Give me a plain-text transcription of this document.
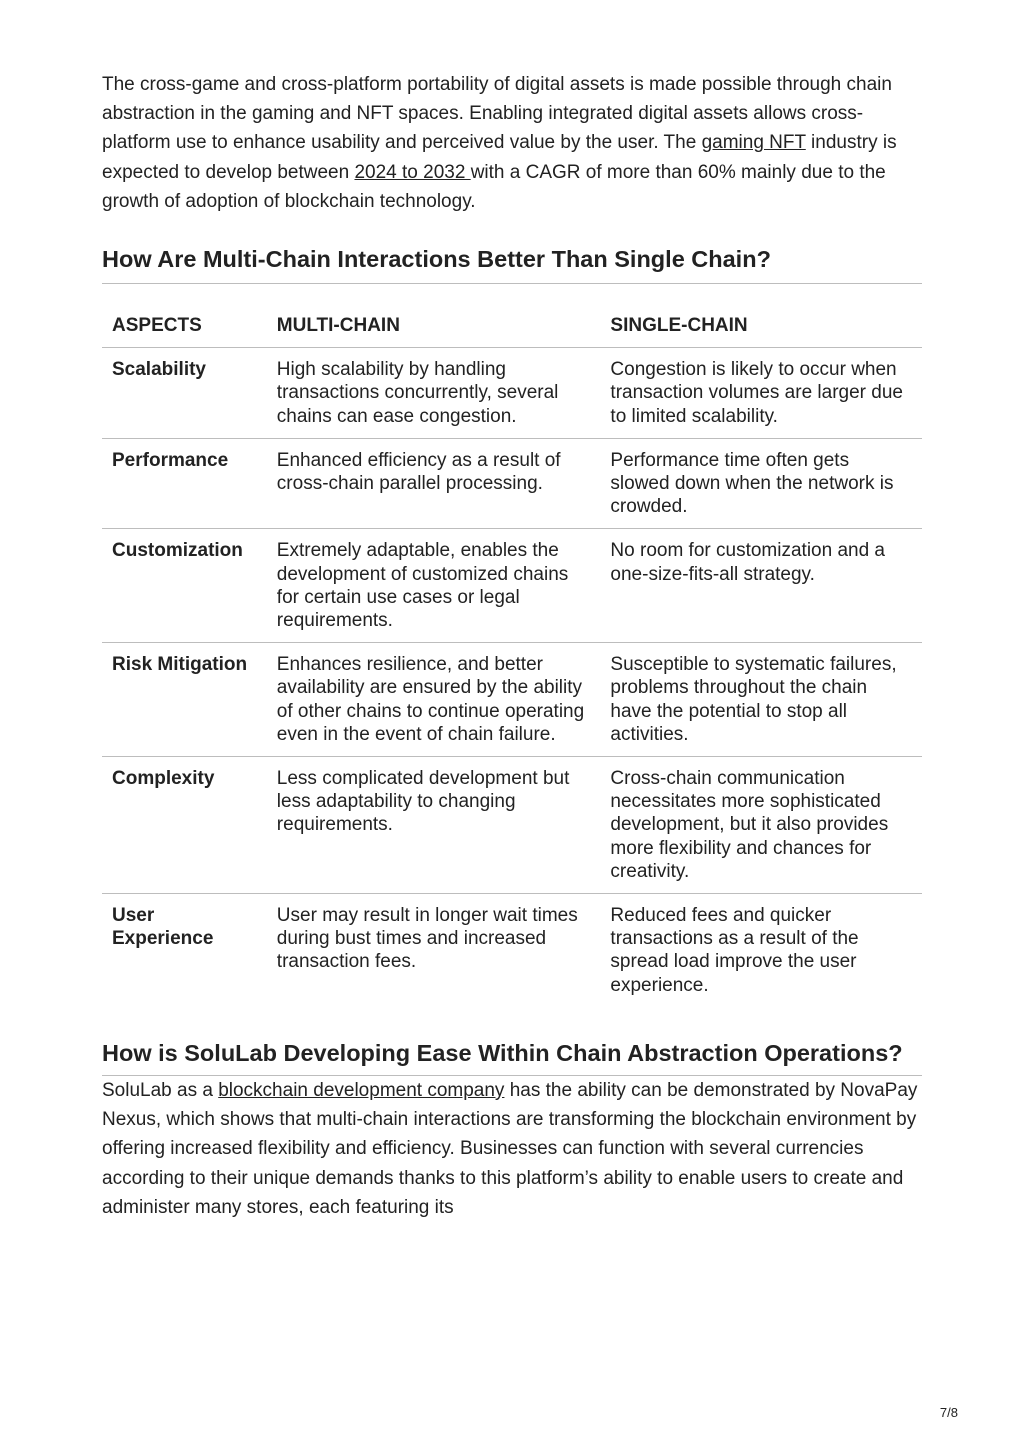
The cross-game and cross-platform portability of digital assets is made possible through chain abstraction in the gaming and NFT spaces. Enabling integrated digital assets allows cross-platform use to enhance usability and perceived value by the user. The gaming NFT industry is expected to develop between 2024 to 2032 with a CAGR of more than 60% mainly due to the growth of adoption of blockchain technology.

How Are Multi-Chain Interactions Better Than Single Chain?
ASPECTS	MULTI-CHAIN	SINGLE-CHAIN
Scalability	High scalability by handling transactions concurrently, several chains can ease congestion.	Congestion is likely to occur when transaction volumes are larger due to limited scalability.
Performance	Enhanced efficiency as a result of cross-chain parallel processing.	Performance time often gets slowed down when the network is crowded.
Customization	Extremely adaptable, enables the development of customized chains for certain use cases or legal requirements.	No room for customization and a one-size-fits-all strategy.
Risk Mitigation	Enhances resilience, and better availability are ensured by the ability of other chains to continue operating even in the event of chain failure.	Susceptible to systematic failures, problems throughout the chain have the potential to stop all activities.
Complexity	Less complicated development but less adaptability to changing requirements.	Cross-chain communication necessitates more sophisticated development, but it also provides more flexibility and chances for creativity.
User Experience	User may result in longer wait times during bust times and increased transaction fees.	Reduced fees and quicker transactions as a result of the spread load improve the user experience.
How is SoluLab Developing Ease Within Chain Abstraction Operations?

SoluLab as a blockchain development company has the ability can be demonstrated by NovaPay Nexus, which shows that multi-chain interactions are transforming the blockchain environment by offering increased flexibility and efficiency. Businesses can function with several currencies according to their unique demands thanks to this platform’s ability to enable users to create and administer many stores, each featuring its

7/8
